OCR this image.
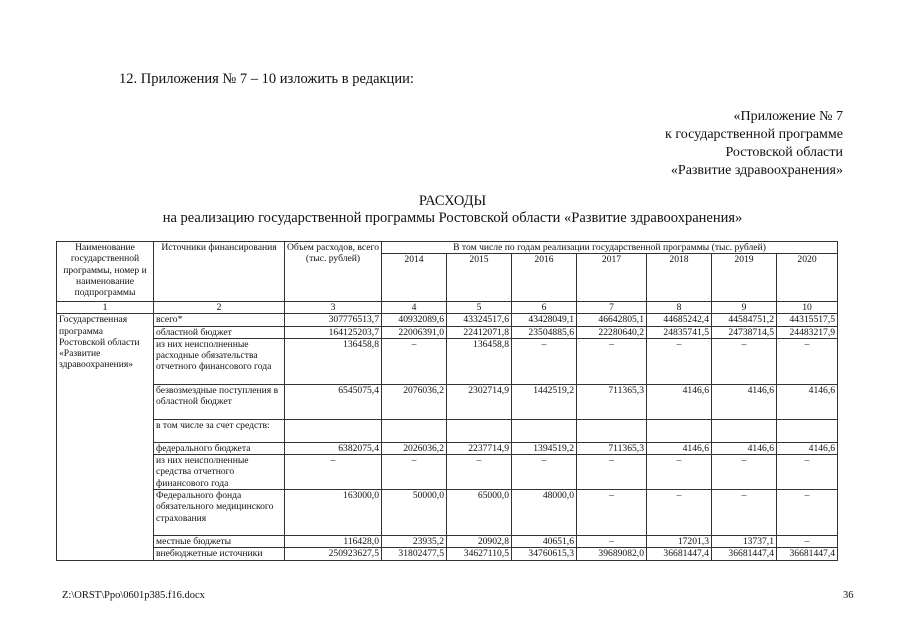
12. Приложения № 7 – 10 изложить в редакции:
«Приложение № 7
к государственной программе
Ростовской области
«Развитие здравоохранения»
РАСХОДЫ
на реализацию государственной программы Ростовской области «Развитие здравоохранения»
Наименование государственной программы, номер и наименование подпрограммы	Источники финансирования	Объем расходов, всего (тыс. рублей)	В том числе по годам реализации государственной программы (тыс. рублей)						
			2014	2015	2016	2017	2018	2019	2020
1	2	3	4	5	6	7	8	9	10
Государственная программа Ростовской области «Развитие здравоохранения»	всего*	307776513,7	40932089,6	43324517,6	43428049,1	46642805,1	44685242,4	44584751,2	44315517,5
	областной бюджет	164125203,7	22006391,0	22412071,8	23504885,6	22280640,2	24835741,5	24738714,5	24483217,9
	из них неисполненные расходные обязательства отчетного финансового года	136458,8	–	136458,8	–	–	–	–	–
	безвозмездные поступления в областной бюджет	6545075,4	2076036,2	2302714,9	1442519,2	711365,3	4146,6	4146,6	4146,6
	в том числе за счет средств:								
	федерального бюджета	6382075,4	2026036,2	2237714,9	1394519,2	711365,3	4146,6	4146,6	4146,6
	из них неисполненные средства отчетного финансового года	–	–	–	–	–	–	–	–
	Федерального фонда обязательного медицинского страхования	163000,0	50000,0	65000,0	48000,0	–	–	–	–
	местные бюджеты	116428,0	23935,2	20902,8	40651,6	–	17201,3	13737,1	–
	внебюджетные источники	250923627,5	31802477,5	34627110,5	34760615,3	39689082,0	36681447,4	36681447,4	36681447,4
Z:\ORST\Ppo\0601p385.f16.docx	36
